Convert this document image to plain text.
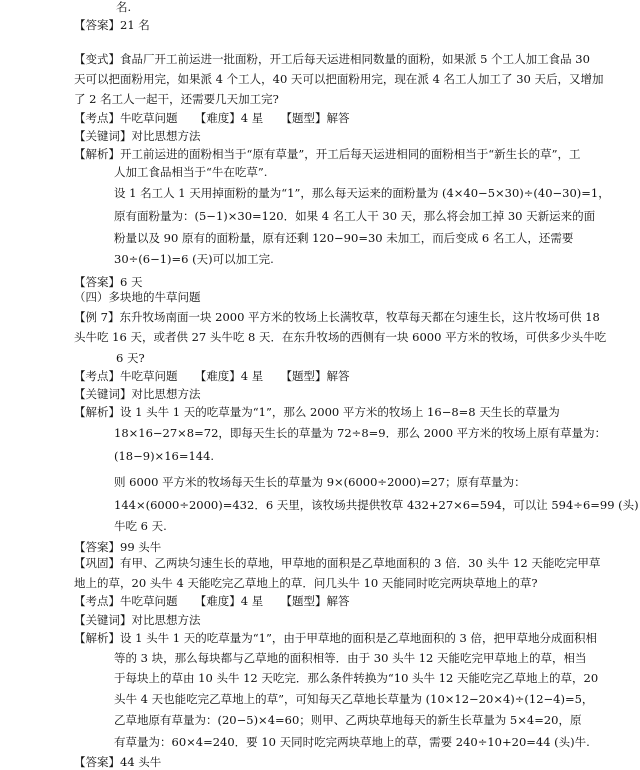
名.
【答案】21 名
【变式】食品厂开工前运进一批面粉，开工后每天运进相同数量的面粉，如果派 5 个工人加工食品 30
天可以把面粉用完，如果派 4 个工人，40 天可以把面粉用完，现在派 4 名工人加工了 30 天后，又增加
了 2 名工人一起干，还需要几天加工完?
【考点】牛吃草问题　　【难度】4 星　　【题型】解答
【关键词】对比思想方法
【解析】开工前运进的面粉相当于“原有草量”，开工后每天运进相同的面粉相当于“新生长的草”，工
人加工食品相当于“牛在吃草”.
设 1 名工人 1 天用掉面粉的量为“1”，那么每天运来的面粉量为 (4×40−5×30)÷(40−30)=1，
原有面粉量为：(5−1)×30=120．如果 4 名工人干 30 天，那么将会加工掉 30 天新运来的面
粉量以及 90 原有的面粉量，原有还剩 120−90=30 未加工，而后变成 6 名工人，还需要
30÷(6−1)=6 (天)可以加工完.
【答案】6 天
（四）多块地的牛草问题
【例 7】东升牧场南面一块 2000 平方米的牧场上长满牧草，牧草每天都在匀速生长，这片牧场可供 18
头牛吃 16 天，或者供 27 头牛吃 8 天．在东升牧场的西侧有一块 6000 平方米的牧场，可供多少头牛吃
6 天?
【考点】牛吃草问题　　【难度】4 星　　【题型】解答
【关键词】对比思想方法
【解析】设 1 头牛 1 天的吃草量为“1”，那么 2000 平方米的牧场上 16−8=8 天生长的草量为
18×16−27×8=72，即每天生长的草量为 72÷8=9．那么 2000 平方米的牧场上原有草量为：
(18−9)×16=144.
则 6000 平方米的牧场每天生长的草量为 9×(6000÷2000)=27；原有草量为：
144×(6000÷2000)=432．6 天里，该牧场共提供牧草 432+27×6=594，可以让 594÷6=99 (头)
牛吃 6 天.
【答案】99 头牛
【巩固】有甲、乙两块匀速生长的草地，甲草地的面积是乙草地面积的 3 倍．30 头牛 12 天能吃完甲草
地上的草，20 头牛 4 天能吃完乙草地上的草．问几头牛 10 天能同时吃完两块草地上的草?
【考点】牛吃草问题　　【难度】4 星　　【题型】解答
【关键词】对比思想方法
【解析】设 1 头牛 1 天的吃草量为“1”，由于甲草地的面积是乙草地面积的 3 倍，把甲草地分成面积相
等的 3 块，那么每块都与乙草地的面积相等．由于 30 头牛 12 天能吃完甲草地上的草，相当
于每块上的草由 10 头牛 12 天吃完．那么条件转换为“10 头牛 12 天能吃完乙草地上的草，20
头牛 4 天也能吃完乙草地上的草”，可知每天乙草地长草量为 (10×12−20×4)÷(12−4)=5，
乙草地原有草量为：(20−5)×4=60；则甲、乙两块草地每天的新生长草量为 5×4=20，原
有草量为：60×4=240．要 10 天同时吃完两块草地上的草，需要 240÷10+20=44 (头)牛.
【答案】44 头牛
